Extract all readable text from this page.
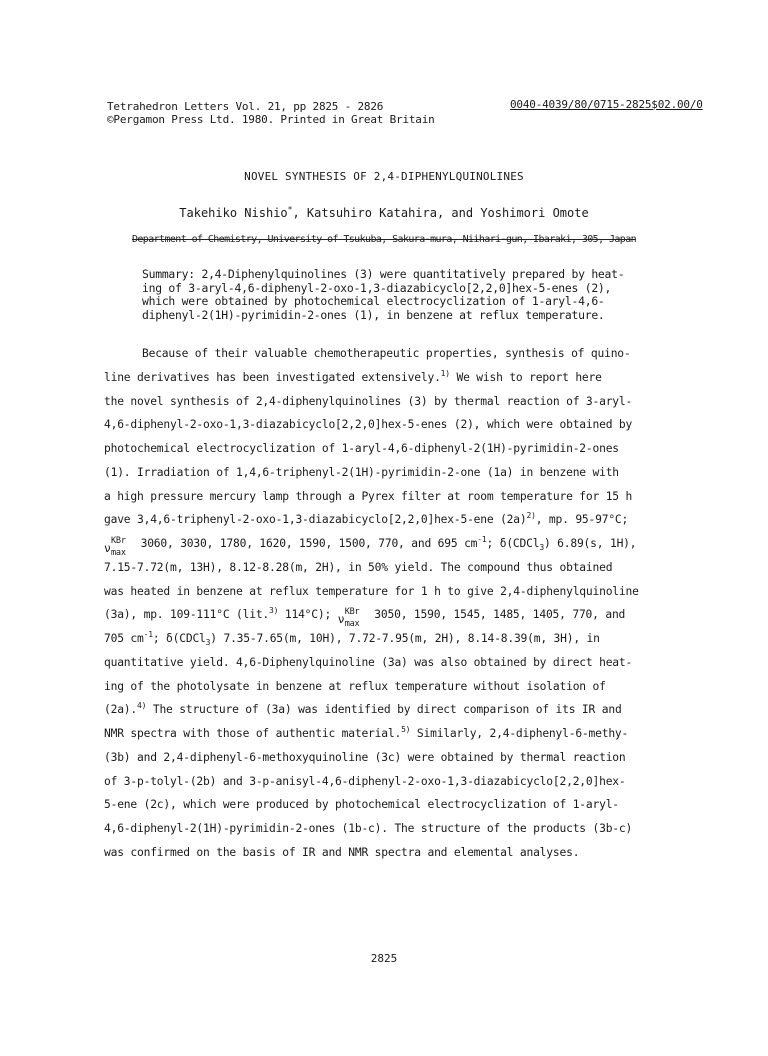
Tetrahedron Letters Vol. 21, pp 2825 - 2826
©Pergamon Press Ltd. 1980. Printed in Great Britain
0040-4039/80/0715-2825$02.00/0
NOVEL SYNTHESIS OF 2,4-DIPHENYLQUINOLINES
Takehiko Nishio*, Katsuhiro Katahira, and Yoshimori Omote
Department of Chemistry, University of Tsukuba, Sakura-mura, Niihari-gun, Ibaraki, 305, Japan
Summary: 2,4-Diphenylquinolines (3) were quantitatively prepared by heat-
ing of 3-aryl-4,6-diphenyl-2-oxo-1,3-diazabicyclo[2,2,0]hex-5-enes (2),
which were obtained by photochemical electrocyclization of 1-aryl-4,6-
diphenyl-2(1H)-pyrimidin-2-ones (1), in benzene at reflux temperature.
Because of their valuable chemotherapeutic properties, synthesis of quino-
line derivatives has been investigated extensively.$^{1)}$ We wish to report here
the novel synthesis of 2,4-diphenylquinolines (3) by thermal reaction of 3-aryl-
4,6-diphenyl-2-oxo-1,3-diazabicyclo[2,2,0]hex-5-enes (2), which were obtained by
photochemical electrocyclization of 1-aryl-4,6-diphenyl-2(1H)-pyrimidin-2-ones
(1). Irradiation of 1,4,6-triphenyl-2(1H)-pyrimidin-2-one (1a) in benzene with
a high pressure mercury lamp through a Pyrex filter at room temperature for 15 h
gave 3,4,6-triphenyl-2-oxo-1,3-diazabicyclo[2,2,0]hex-5-ene $(2a)^{2)}$, mp. 95-97°C;
ν
KBr
max
3060, 3030, 1780, 1620, 1590, 1500, 770, and 695 $cm^{-1}$; δ(CDCl$_3$) 6.89(s, 1H),
7.15-7.72(m, 13H), 8.12-8.28(m, 2H), in 50% yield. The compound thus obtained
was heated in benzene at reflux temperature for 1 h to give 2,4-diphenylquinoline
(3a), mp. 109-111°C (lit.$^{3)}$ 114°C); ν
KBr
max
3050, 1590, 1545, 1485, 1405, 770, and
705 $cm^{-1}$; δ(CDCl$_3$) 7.35-7.65(m, 10H), 7.72-7.95(m, 2H), 8.14-8.39(m, 3H), in
quantitative yield. 4,6-Diphenylquinoline (3a) was also obtained by direct heat-
ing of the photolysate in benzene at reflux temperature without isolation of
(2a).$^{4)}$ The structure of (3a) was identified by direct comparison of its IR and
NMR spectra with those of authentic material.$^{5)}$ Similarly, 2,4-diphenyl-6-methy-
(3b) and 2,4-diphenyl-6-methoxyquinoline (3c) were obtained by thermal reaction
of 3-p-tolyl-(2b) and 3-p-anisyl-4,6-diphenyl-2-oxo-1,3-diazabicyclo[2,2,0]hex-
5-ene (2c), which were produced by photochemical electrocyclization of 1-aryl-
4,6-diphenyl-2(1H)-pyrimidin-2-ones (1b-c). The structure of the products (3b-c)
was confirmed on the basis of IR and NMR spectra and elemental analyses.
2825
